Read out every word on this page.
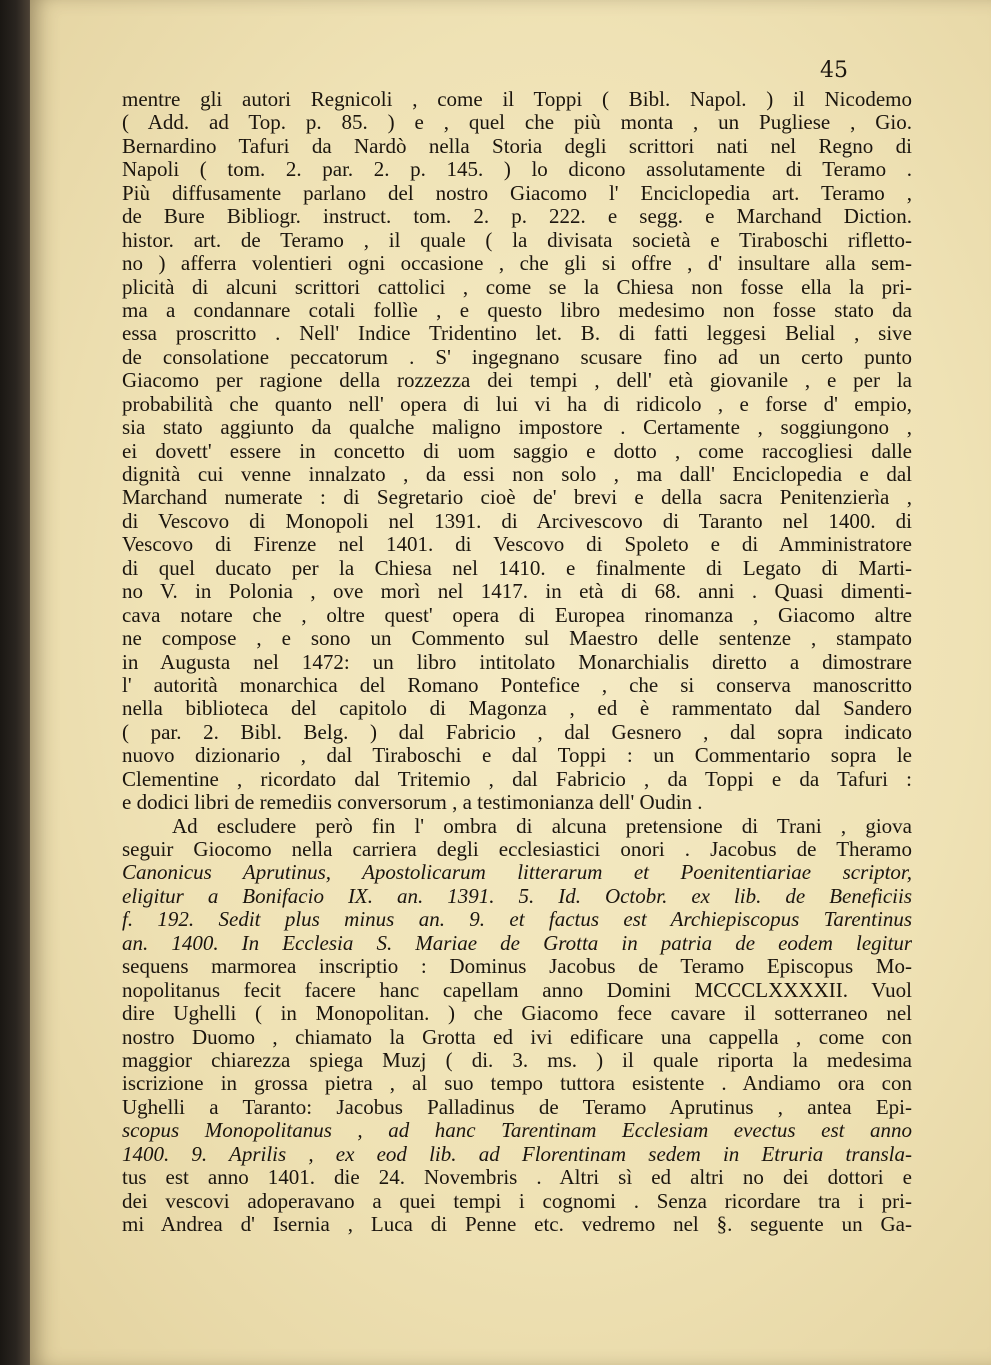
45
mentre gli autori Regnicoli , come il Toppi ( Bibl. Napol. ) il Nicodemo
( Add. ad Top. p. 85. ) e , quel che più monta , un Pugliese , Gio.
Bernardino Tafuri da Nardò nella Storia degli scrittori nati nel Regno di
Napoli ( tom. 2. par. 2. p. 145. ) lo dicono assolutamente di Teramo .
Più diffusamente parlano del nostro Giacomo l' Enciclopedia art. Teramo ,
de Bure Bibliogr. instruct. tom. 2. p. 222. e segg. e Marchand Diction.
histor. art. de Teramo , il quale ( la divisata società e Tiraboschi rifletto-
no ) afferra volentieri ogni occasione , che gli si offre , d' insultare alla sem-
plicità di alcuni scrittori cattolici , come se la Chiesa non fosse ella la pri-
ma a condannare cotali follìe , e questo libro medesimo non fosse stato da
essa proscritto . Nell' Indice Tridentino let. B. di fatti leggesi Belial , sive
de consolatione peccatorum . S' ingegnano scusare fino ad un certo punto
Giacomo per ragione della rozzezza dei tempi , dell' età giovanile , e per la
probabilità che quanto nell' opera di lui vi ha di ridicolo , e forse d' empio,
sia stato aggiunto da qualche maligno impostore . Certamente , soggiungono ,
ei dovett' essere in concetto di uom saggio e dotto , come raccogliesi dalle
dignità cui venne innalzato , da essi non solo , ma dall' Enciclopedia e dal
Marchand numerate : di Segretario cioè de' brevi e della sacra Penitenzierìa ,
di Vescovo di Monopoli nel 1391. di Arcivescovo di Taranto nel 1400. di
Vescovo di Firenze nel 1401. di Vescovo di Spoleto e di Amministratore
di quel ducato per la Chiesa nel 1410. e finalmente di Legato di Marti-
no V. in Polonia , ove morì nel 1417. in età di 68. anni . Quasi dimenti-
cava notare che , oltre quest' opera di Europea rinomanza , Giacomo altre
ne compose , e sono un Commento sul Maestro delle sentenze , stampato
in Augusta nel 1472: un libro intitolato Monarchialis diretto a dimostrare
l' autorità monarchica del Romano Pontefice , che si conserva manoscritto
nella biblioteca del capitolo di Magonza , ed è rammentato dal Sandero
( par. 2. Bibl. Belg. ) dal Fabricio , dal Gesnero , dal sopra indicato
nuovo dizionario , dal Tiraboschi e dal Toppi : un Commentario sopra le
Clementine , ricordato dal Tritemio , dal Fabricio , da Toppi e da Tafuri :
e dodici libri de remediis conversorum , a testimonianza dell' Oudin .
Ad escludere però fin l' ombra di alcuna pretensione di Trani , giova
seguir Giocomo nella carriera degli ecclesiastici onori . Jacobus de Theramo
Canonicus Aprutinus, Apostolicarum litterarum et Poenitentiariae scriptor,
eligitur a Bonifacio IX. an. 1391. 5. Id. Octobr. ex lib. de Beneficiis
f. 192. Sedit plus minus an. 9. et factus est Archiepiscopus Tarentinus
an. 1400. In Ecclesia S. Mariae de Grotta in patria de eodem legitur
sequens marmorea inscriptio : Dominus Jacobus de Teramo Episcopus Mo-
nopolitanus fecit facere hanc capellam anno Domini MCCCLXXXXII. Vuol
dire Ughelli ( in Monopolitan. ) che Giacomo fece cavare il sotterraneo nel
nostro Duomo , chiamato la Grotta ed ivi edificare una cappella , come con
maggior chiarezza spiega Muzj ( di. 3. ms. ) il quale riporta la medesima
iscrizione in grossa pietra , al suo tempo tuttora esistente . Andiamo ora con
Ughelli a Taranto: Jacobus Palladinus de Teramo Aprutinus , antea Epi-
scopus Monopolitanus , ad hanc Tarentinam Ecclesiam evectus est anno
1400. 9. Aprilis , ex eod lib. ad Florentinam sedem in Etruria transla-
tus est anno 1401. die 24. Novembris . Altri sì ed altri no dei dottori e
dei vescovi adoperavano a quei tempi i cognomi . Senza ricordare tra i pri-
mi Andrea d' Isernia , Luca di Penne etc. vedremo nel §. seguente un Ga-
